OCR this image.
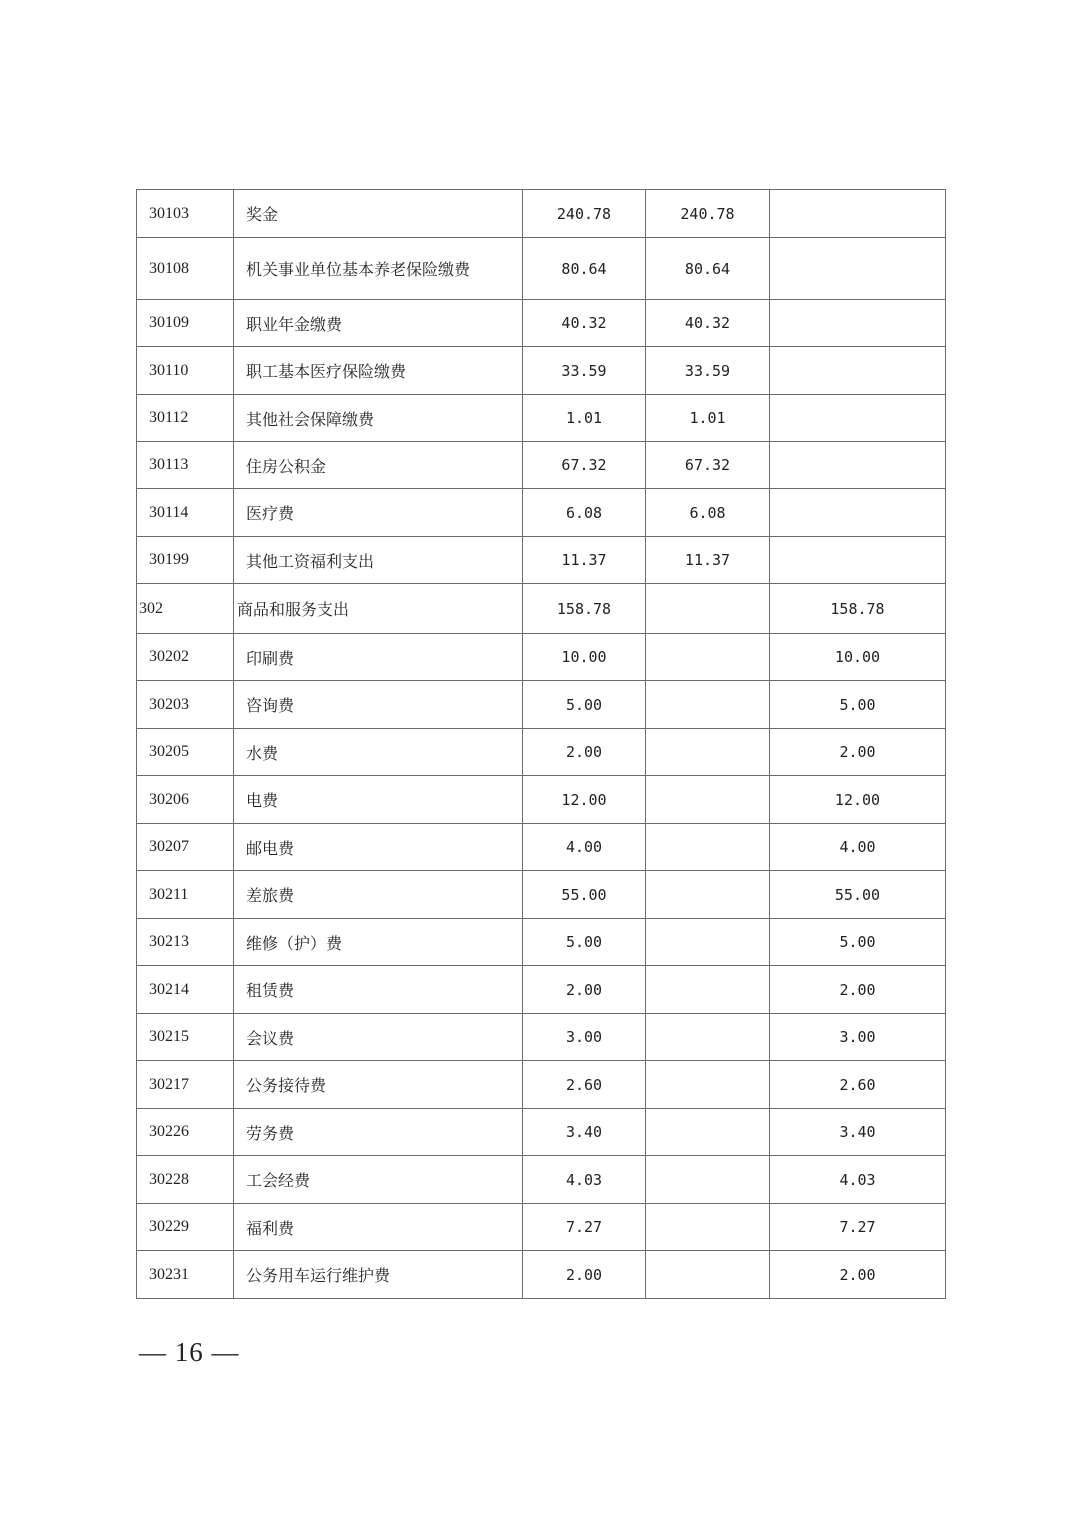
30103	奖金	240.78	240.78	
30108	机关事业单位基本养老保险缴费	80.64	80.64	
30109	职业年金缴费	40.32	40.32	
30110	职工基本医疗保险缴费	33.59	33.59	
30112	其他社会保障缴费	1.01	1.01	
30113	住房公积金	67.32	67.32	
30114	医疗费	6.08	6.08	
30199	其他工资福利支出	11.37	11.37	
302	商品和服务支出	158.78		158.78
30202	印刷费	10.00		10.00
30203	咨询费	5.00		5.00
30205	水费	2.00		2.00
30206	电费	12.00		12.00
30207	邮电费	4.00		4.00
30211	差旅费	55.00		55.00
30213	维修（护）费	5.00		5.00
30214	租赁费	2.00		2.00
30215	会议费	3.00		3.00
30217	公务接待费	2.60		2.60
30226	劳务费	3.40		3.40
30228	工会经费	4.03		4.03
30229	福利费	7.27		7.27
30231	公务用车运行维护费	2.00		2.00
— 16 —
